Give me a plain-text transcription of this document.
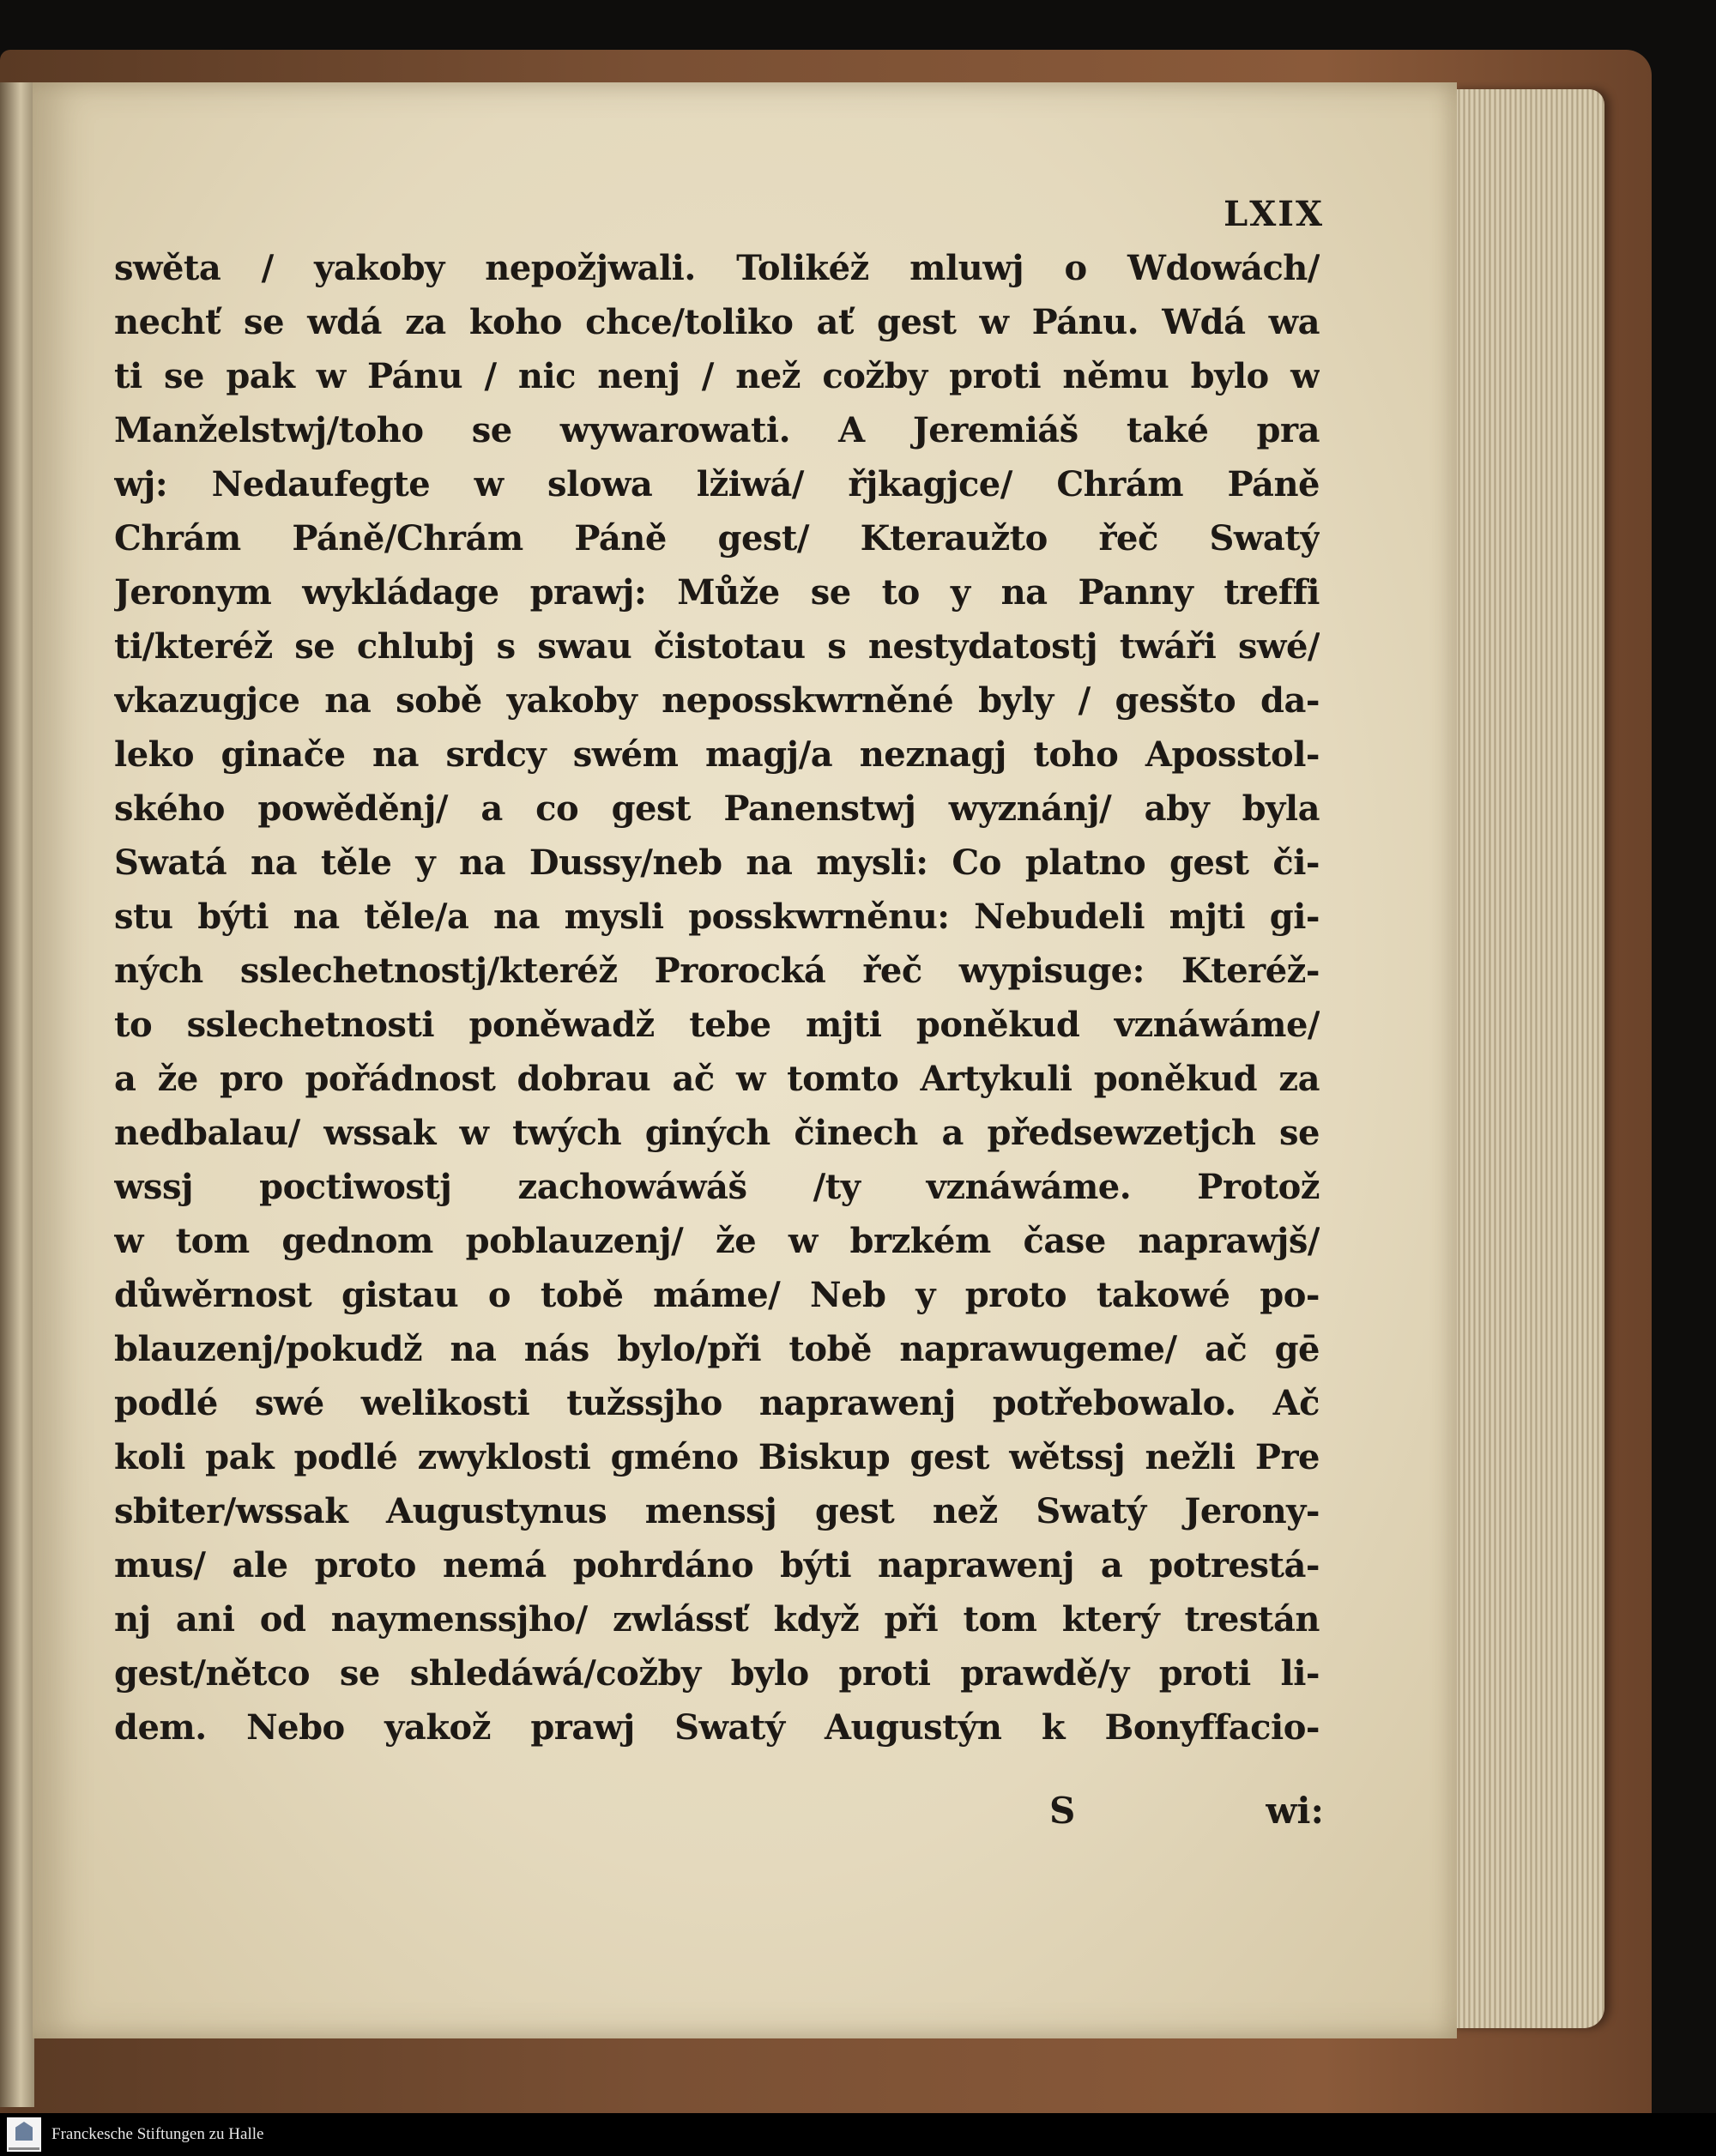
LXIX
swěta / yakoby nepožjwali. Tolikéž mluwj o Wdowách/
nechť se wdá za koho chce/toliko ať gest w Pánu. Wdá wa
ti se pak w Pánu / nic nenj / než cožby proti němu bylo w
Manželstwj/toho se wywarowati. A Jeremiáš také pra
wj: Nedaufegte w slowa lžiwá/ řjkagjce/ Chrám Páně
Chrám Páně/Chrám Páně gest/ Kteraužto řeč Swatý
Jeronym wykládage prawj: Může se to y na Panny treffi
ti/kteréž se chlubj s swau čistotau s nestydatostj twáři swé/
vkazugjce na sobě yakoby neposskwrněné byly / gesšto da-
leko ginače na srdcy swém magj/a neznagj toho Aposstol-
ského powěděnj/ a co gest Panenstwj wyznánj/ aby byla
Swatá na těle y na Dussy/neb na mysli: Co platno gest či-
stu býti na těle/a na mysli posskwrněnu: Nebudeli mjti gi-
ných sslechetnostj/kteréž Prorocká řeč wypisuge: Kteréž-
to sslechetnosti poněwadž tebe mjti poněkud vznáwáme/
a že pro pořádnost dobrau ač w tomto Artykuli poněkud za
nedbalau/ wssak w twých giných činech a předsewzetjch se
wssj poctiwostj zachowáwáš /ty vznáwáme. Protož
w tom gednom poblauzenj/ že w brzkém čase naprawjš/
důwěrnost gistau o tobě máme/ Neb y proto takowé po-
blauzenj/pokudž na nás bylo/při tobě naprawugeme/ ač gē
podlé swé welikosti tužssjho naprawenj potřebowalo. Ač
koli pak podlé zwyklosti gméno Biskup gest wětssj nežli Pre
sbiter/wssak Augustynus menssj gest než Swatý Jerony-
mus/ ale proto nemá pohrdáno býti naprawenj a potrestá-
nj ani od naymenssjho/ zwlássť když při tom který trestán
gest/nětco se shledáwá/cožby bylo proti prawdě/y proti li-
dem. Nebo yakož prawj Swatý Augustýn k Bonyffacio-
S	wi:
Franckesche Stiftungen zu Halle
